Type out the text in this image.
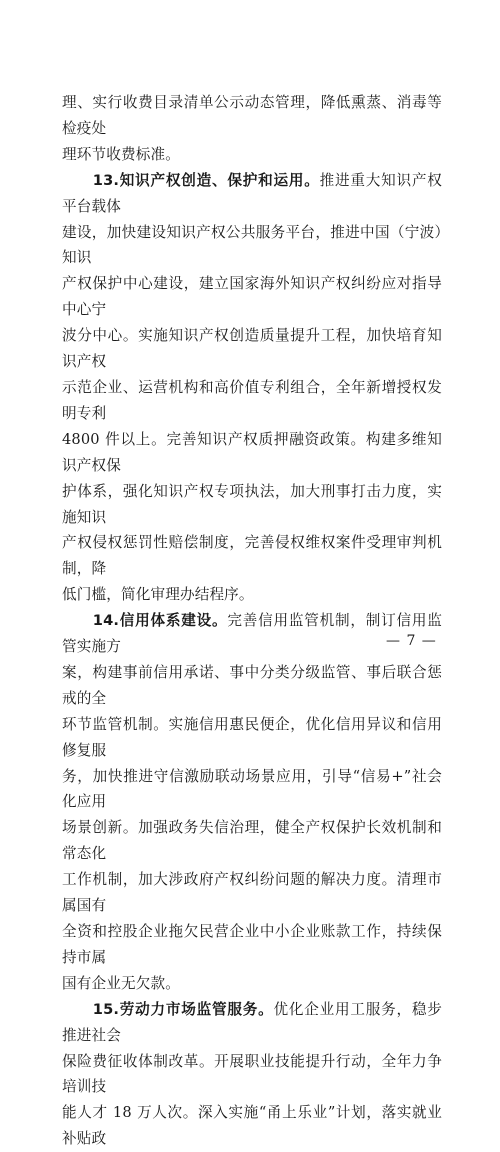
理、实行收费目录清单公示动态管理，降低熏蒸、消毒等检疫处
理环节收费标准。

　　13.知识产权创造、保护和运用。推进重大知识产权平台载体
建设，加快建设知识产权公共服务平台，推进中国（宁波）知识
产权保护中心建设，建立国家海外知识产权纠纷应对指导中心宁
波分中心。实施知识产权创造质量提升工程，加快培育知识产权
示范企业、运营机构和高价值专利组合，全年新增授权发明专利
4800 件以上。完善知识产权质押融资政策。构建多维知识产权保
护体系，强化知识产权专项执法，加大刑事打击力度，实施知识
产权侵权惩罚性赔偿制度，完善侵权维权案件受理审判机制，降
低门槛，简化审理办结程序。

　　14.信用体系建设。完善信用监管机制，制订信用监管实施方
案，构建事前信用承诺、事中分类分级监管、事后联合惩戒的全
环节监管机制。实施信用惠民便企，优化信用异议和信用修复服
务，加快推进守信激励联动场景应用，引导“信易+”社会化应用
场景创新。加强政务失信治理，健全产权保护长效机制和常态化
工作机制，加大涉政府产权纠纷问题的解决力度。清理市属国有
全资和控股企业拖欠民营企业中小企业账款工作，持续保持市属
国有企业无欠款。

　　15.劳动力市场监管服务。优化企业用工服务，稳步推进社会
保险费征收体制改革。开展职业技能提升行动，全年力争培训技
能人才 18 万人次。深入实施“甬上乐业”计划，落实就业补贴政

— 7 —
